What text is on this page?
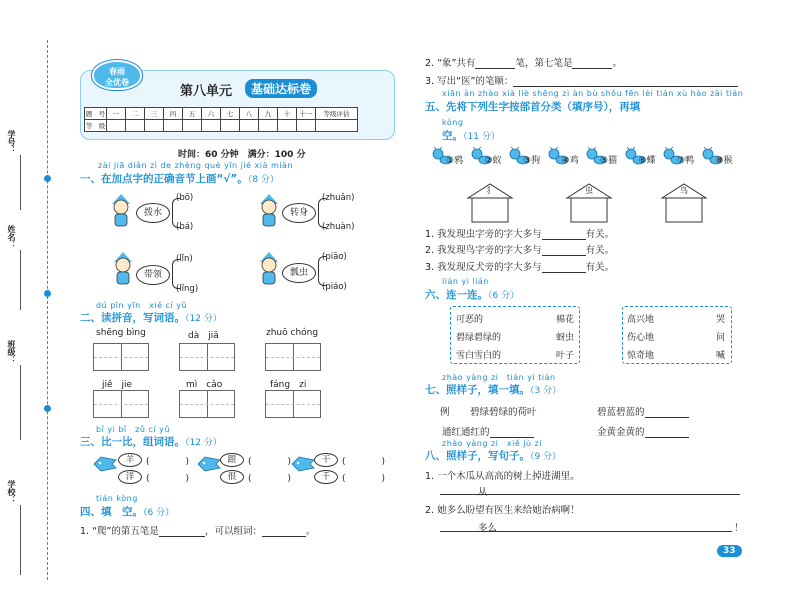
学号：
姓名：
班级：
学校：
春雨
全优卷
第八单元	基础达标卷
题　号	一	二	三	四	五	六	七	八	九	十	十一	等级评估
等　级												
时间：60 分钟　满分：100 分
zài jiā diǎn zì de zhèng què yīn jié xià miàn
一、在加点字的正确音节上画“√”。（8 分）
拨水
(bō)
(bá)
转身
(zhuǎn)
(zhuàn)
带领
(lǐn)
(lǐng)
瓢虫
(piāo)
(piáo)
dú pīn yīn　xiě cí yǔ
二、读拼音，写词语。（12 分）
shēng bìng	dà　jiā	zhuō chóng
jiě　jie	mì　cǎo	fáng　zi
bǐ yi bǐ　zǔ cí yǔ
三、比一比，组词语。（12 分）
羊
洋
(　　　　)
(　　　　)
跟
很
(　　　　)
(　　　　)
干
千
(　　　　)
(　　　　)
tián kòng
四、填　空。（6 分）
1. “爬”的第五笔是	，可以组词：	。
2. “象”共有	笔，第七笔是	。
3. 写出“医”的笔顺：
xiān àn zhào xià liè shēng zì àn bù shǒu fēn lèi tián xù hào zài tián
五、先将下列生字按部首分类（填序号），再填
kòng
空。（11 分）
①鸦 ②蚁 ③狗 ④鸡 ⑤猫 ⑥蝶 ⑦鸭 ⑧猴
犭	虫	鸟
1. 我发现虫字旁的字大多与	有关。
2. 我发现鸟字旁的字大多与	有关。
3. 我发现反犬旁的字大多与	有关。
lián yi lián
六、连一连。（6 分）
可恶的
碧绿碧绿的
雪白雪白的
棉花
蚜虫
叶子
高兴地
伤心地
惊奇地
哭
问
喊
zhào yàng zi　tián yi tián
七、照样子，填一填。（3 分）
例 碧绿碧绿的荷叶	碧蓝碧蓝的
通红通红的	金黄金黄的
zhào yàng zi　xiě jù zi
八、照样子，写句子。（9 分）
1. 一个木瓜从高高的树上掉进湖里。
从
2. 她多么盼望有医生来给她治病啊！
多么	！
33
